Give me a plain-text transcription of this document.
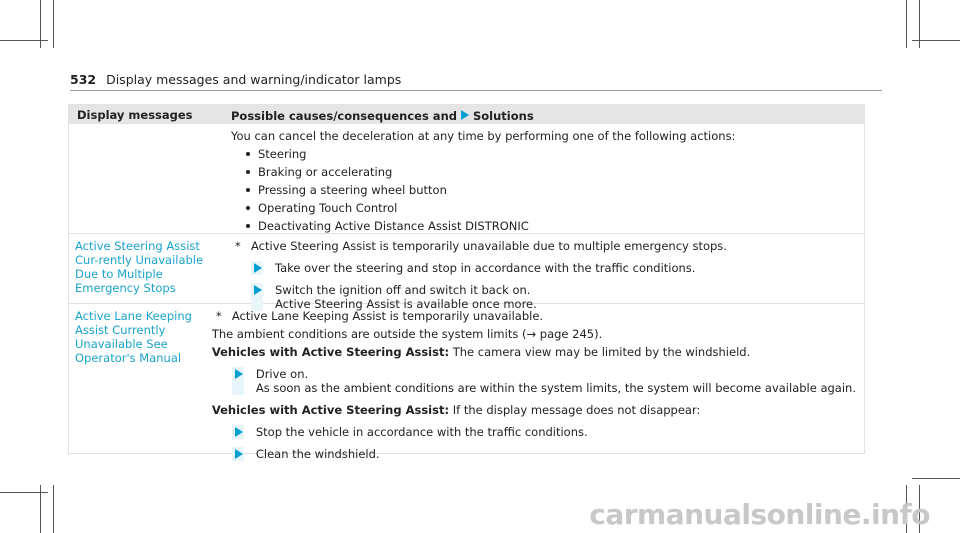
532 Display messages and warning/indicator lamps
Display messages	Possible causes/consequences and Solutions
You can cancel the deceleration at any time by performing one of the following actions:
Steering
Braking or accelerating
Pressing a steering wheel button
Operating Touch Control
Deactivating Active Distance Assist DISTRONIC
Active Steering Assist Cur-rently Unavailable Due to Multiple Emergency Stops
* Active Steering Assist is temporarily unavailable due to multiple emergency stops.
Take over the steering and stop in accordance with the traffic conditions.
Switch the ignition off and switch it back on.
Active Steering Assist is available once more.
Active Lane Keeping Assist Currently Unavailable See Operator's Manual
* Active Lane Keeping Assist is temporarily unavailable.
The ambient conditions are outside the system limits (→ page 245).
Vehicles with Active Steering Assist: The camera view may be limited by the windshield.
Drive on.
As soon as the ambient conditions are within the system limits, the system will become available again.
Vehicles with Active Steering Assist: If the display message does not disappear:
Stop the vehicle in accordance with the traffic conditions.
Clean the windshield.
carmanualsonline.info
